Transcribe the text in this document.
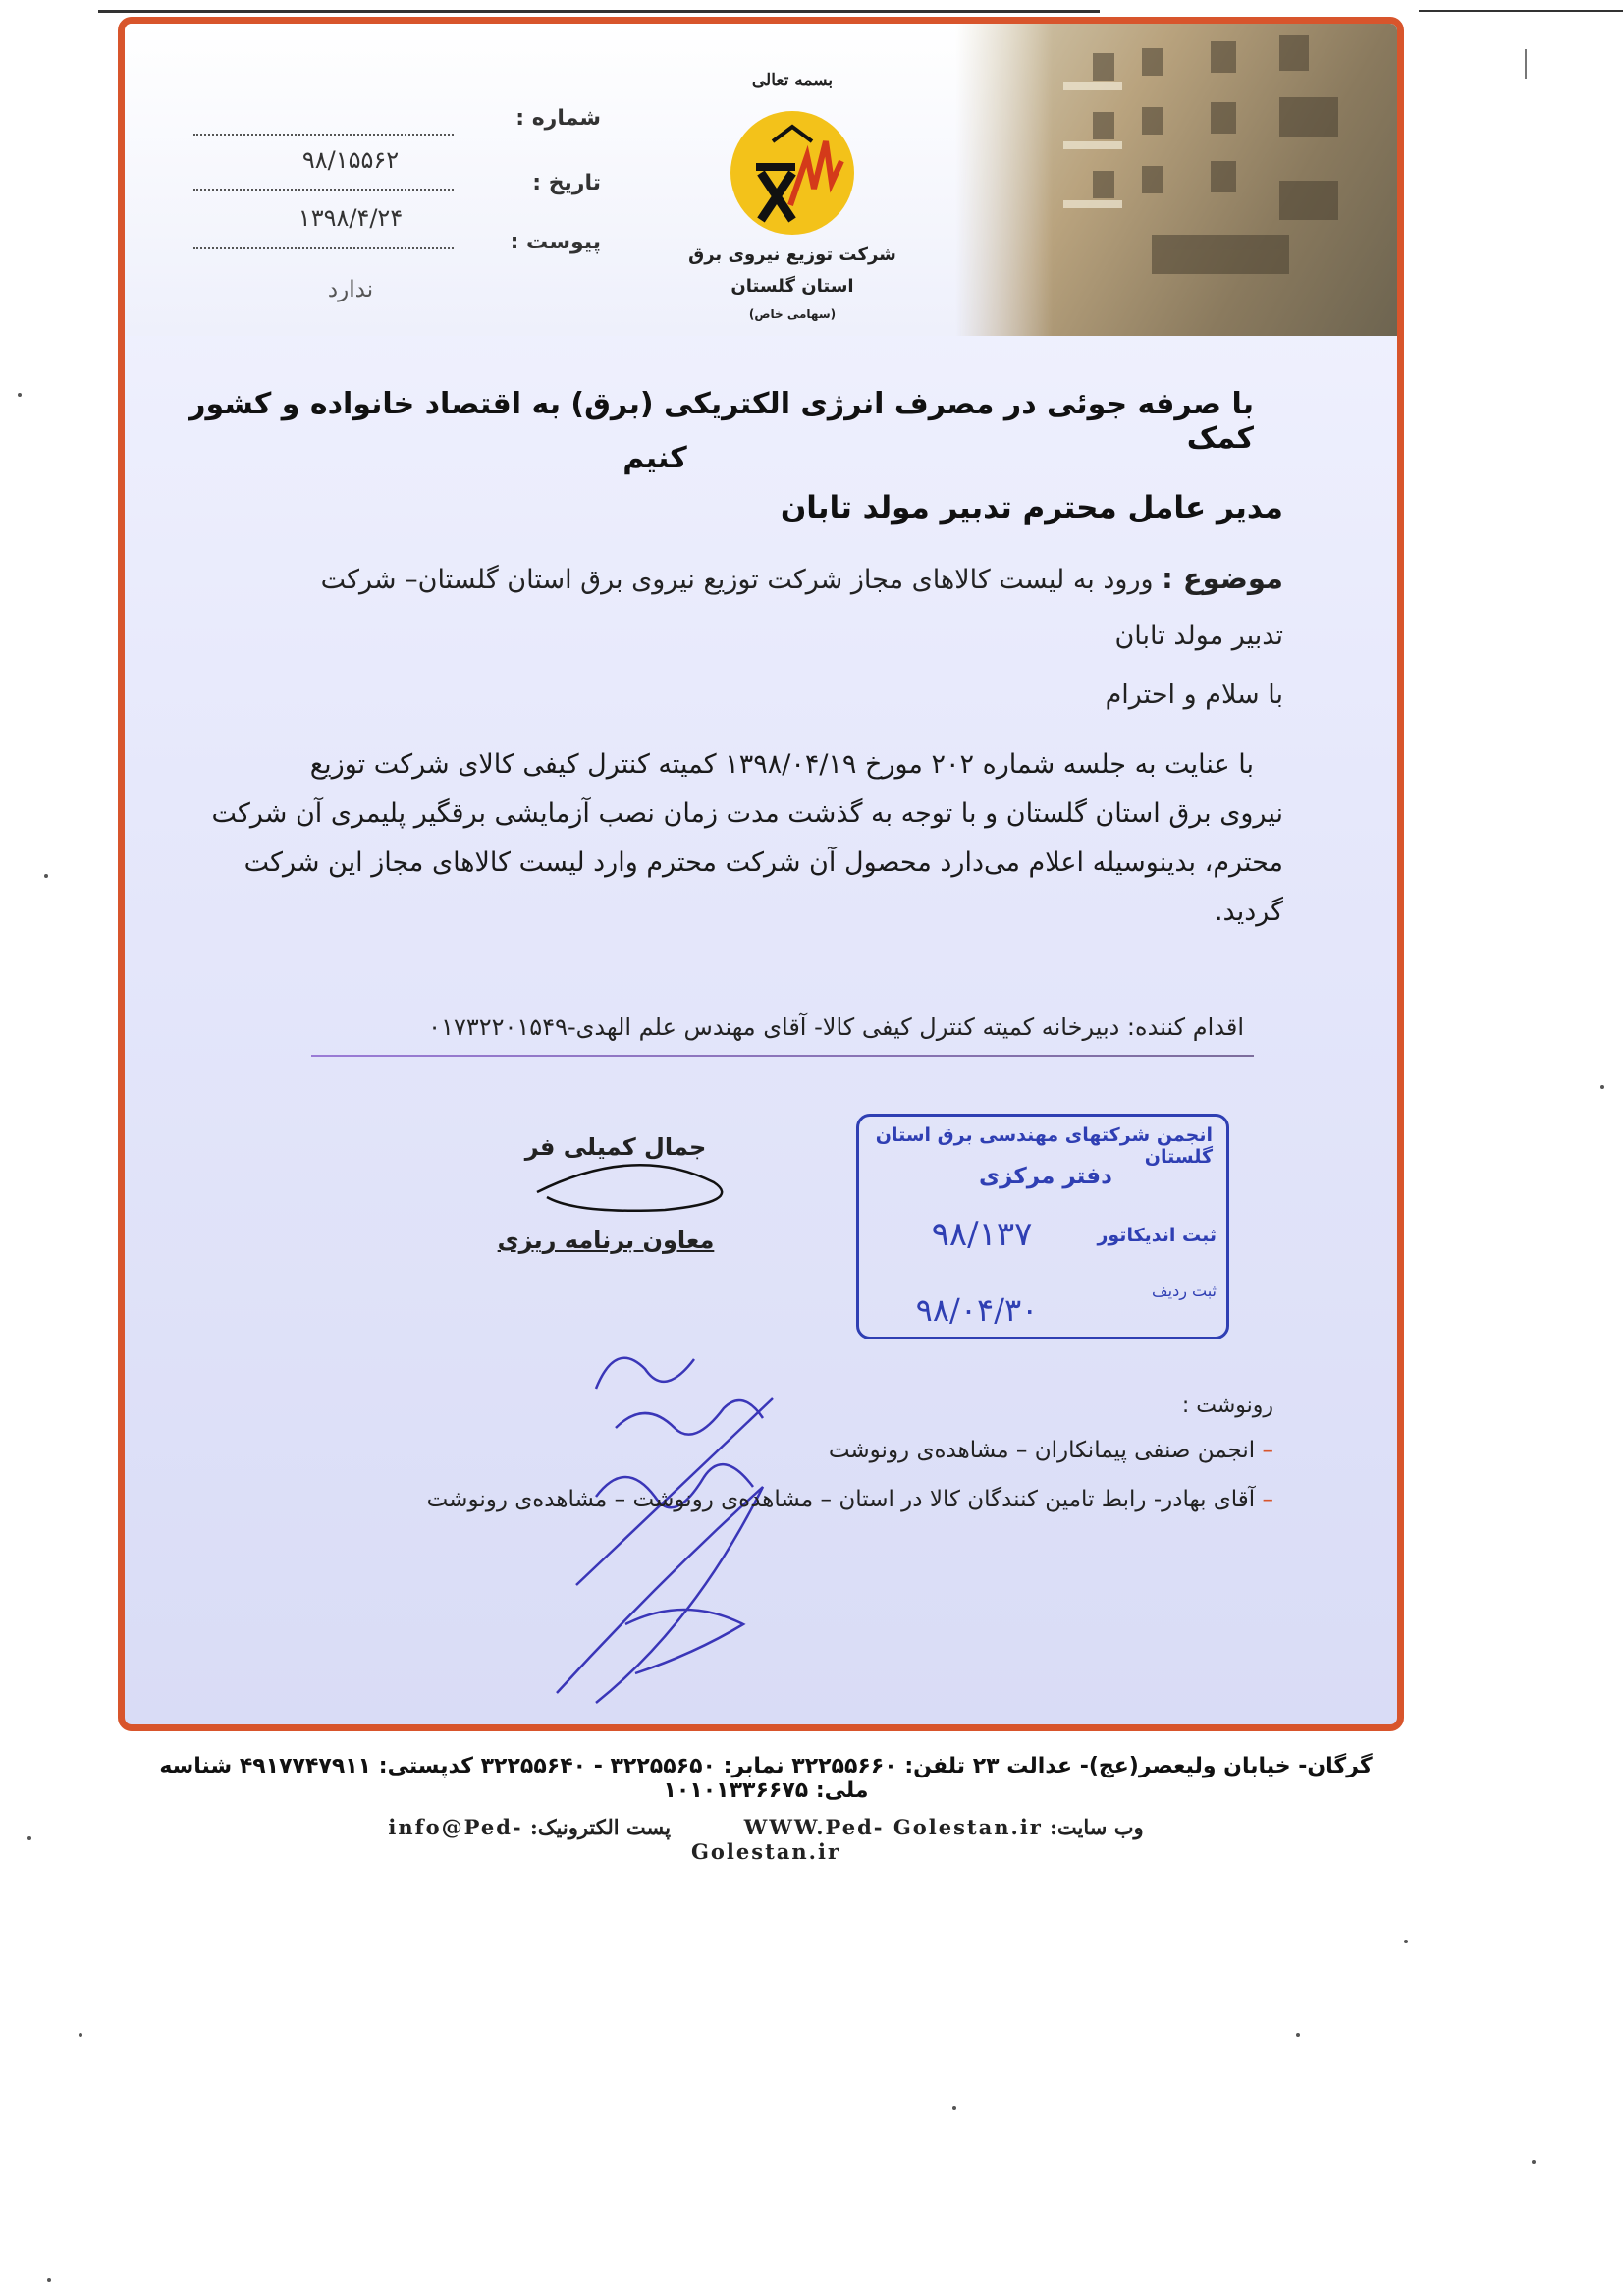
بسمه تعالی
شرکت توزیع نیروی برق
استان گلستان
(سهامی خاص)
شماره :
۹۸/۱۵۵۶۲
تاریخ :
۱۳۹۸/۴/۲۴
پیوست :
ندارد
با صرفه جوئی در مصرف انرژی الکتریکی (برق) به اقتصاد خانواده و کشور کمک
کنیم
مدیر عامل محترم تدبیر مولد تابان
موضوع : ورود به لیست کالاهای مجاز شرکت توزیع نیروی برق استان گلستان– شرکت
تدبیر مولد تابان
با سلام و احترام
با عنایت به جلسه شماره ۲۰۲ مورخ ۱۳۹۸/۰۴/۱۹ کمیته کنترل کیفی کالای شرکت توزیع
نیروی برق استان گلستان و با توجه به گذشت مدت زمان نصب آزمایشی برقگیر پلیمری آن شرکت
محترم، بدینوسیله اعلام می‌دارد محصول آن شرکت محترم وارد لیست کالاهای مجاز این شرکت
گردید.
اقدام کننده: دبیرخانه کمیته کنترل کیفی کالا- آقای مهندس علم الهدی-۰۱۷۳۲۲۰۱۵۴۹
جمال کمیلی فر
معاون برنامه ریزی
انجمن شرکتهای مهندسی برق استان گلستان
دفتر مرکزی
ثبت اندیکاتور
۹۸/۱۳۷
ثبت ردیف
۹۸/۰۴/۳۰
رونوشت :
– انجمن صنفی پیمانکاران – مشاهده‌ی رونوشت
– آقای بهادر- رابط تامین کنندگان کالا در استان – مشاهده‌ی رونوشت – مشاهده‌ی رونوشت
گرگان- خیابان ولیعصر(عج)- عدالت ۲۳ تلفن: ۳۲۲۵۵۶۶۰ نمابر: ۳۲۲۵۵۶۵۰ - ۳۲۲۵۵۶۴۰ کدپستی: ۴۹۱۷۷۴۷۹۱۱ شناسه ملی: ۱۰۱۰۱۳۳۶۶۷۵
وب سایت: WWW.Ped- Golestan.ir  پست الکترونیک: info@Ped- Golestan.ir
